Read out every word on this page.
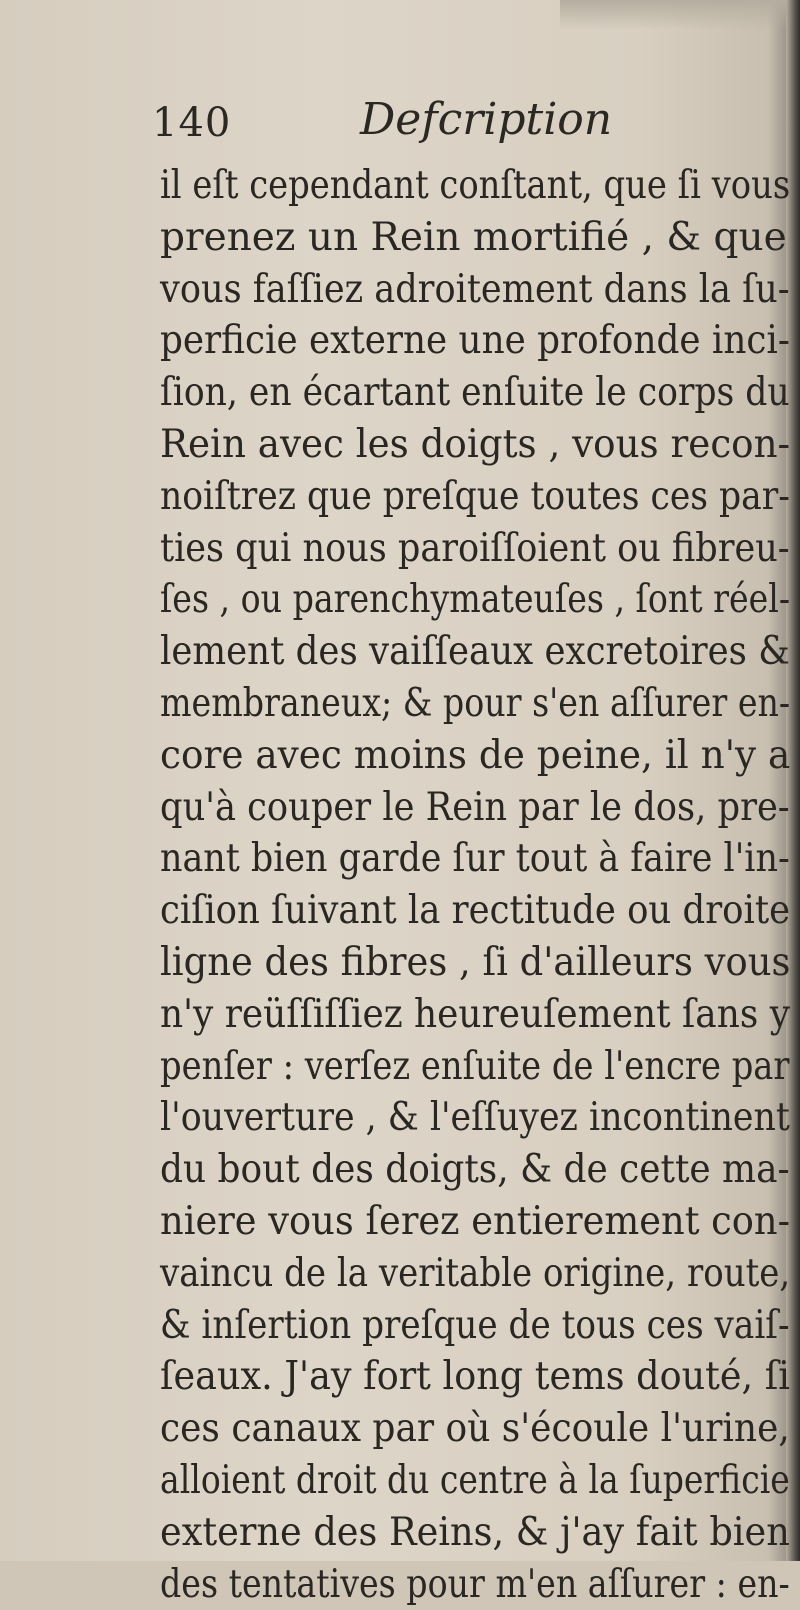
140	Defcription
il eſt cependant conſtant, que ſi vous
prenez un Rein mortifié , & que
vous faſſiez adroitement dans la ſu-
perficie externe une profonde inci-
ſion, en écartant enſuite le corps du
Rein avec les doigts , vous recon-
noiſtrez que preſque toutes ces par-
ties qui nous paroiſſoient ou fibreu-
ſes , ou parenchymateuſes , ſont réel-
lement des vaiſſeaux excretoires &
membraneux; & pour s'en aſſurer en-
core avec moins de peine, il n'y a
qu'à couper le Rein par le dos, pre-
nant bien garde ſur tout à faire l'in-
ciſion ſuivant la rectitude ou droite
ligne des fibres , ſi d'ailleurs vous
n'y reüſſiſſiez heureuſement ſans y
penſer : verſez enſuite de l'encre par
l'ouverture , & l'eſſuyez incontinent
du bout des doigts, & de cette ma-
niere vous ſerez entierement con-
vaincu de la veritable origine, route,
& inſertion preſque de tous ces vaiſ-
ſeaux. J'ay fort long tems douté, ſi
ces canaux par où s'écoule l'urine,
alloient droit du centre à la ſuperficie
externe des Reins, & j'ay fait bien
des tentatives pour m'en aſſurer : en-
